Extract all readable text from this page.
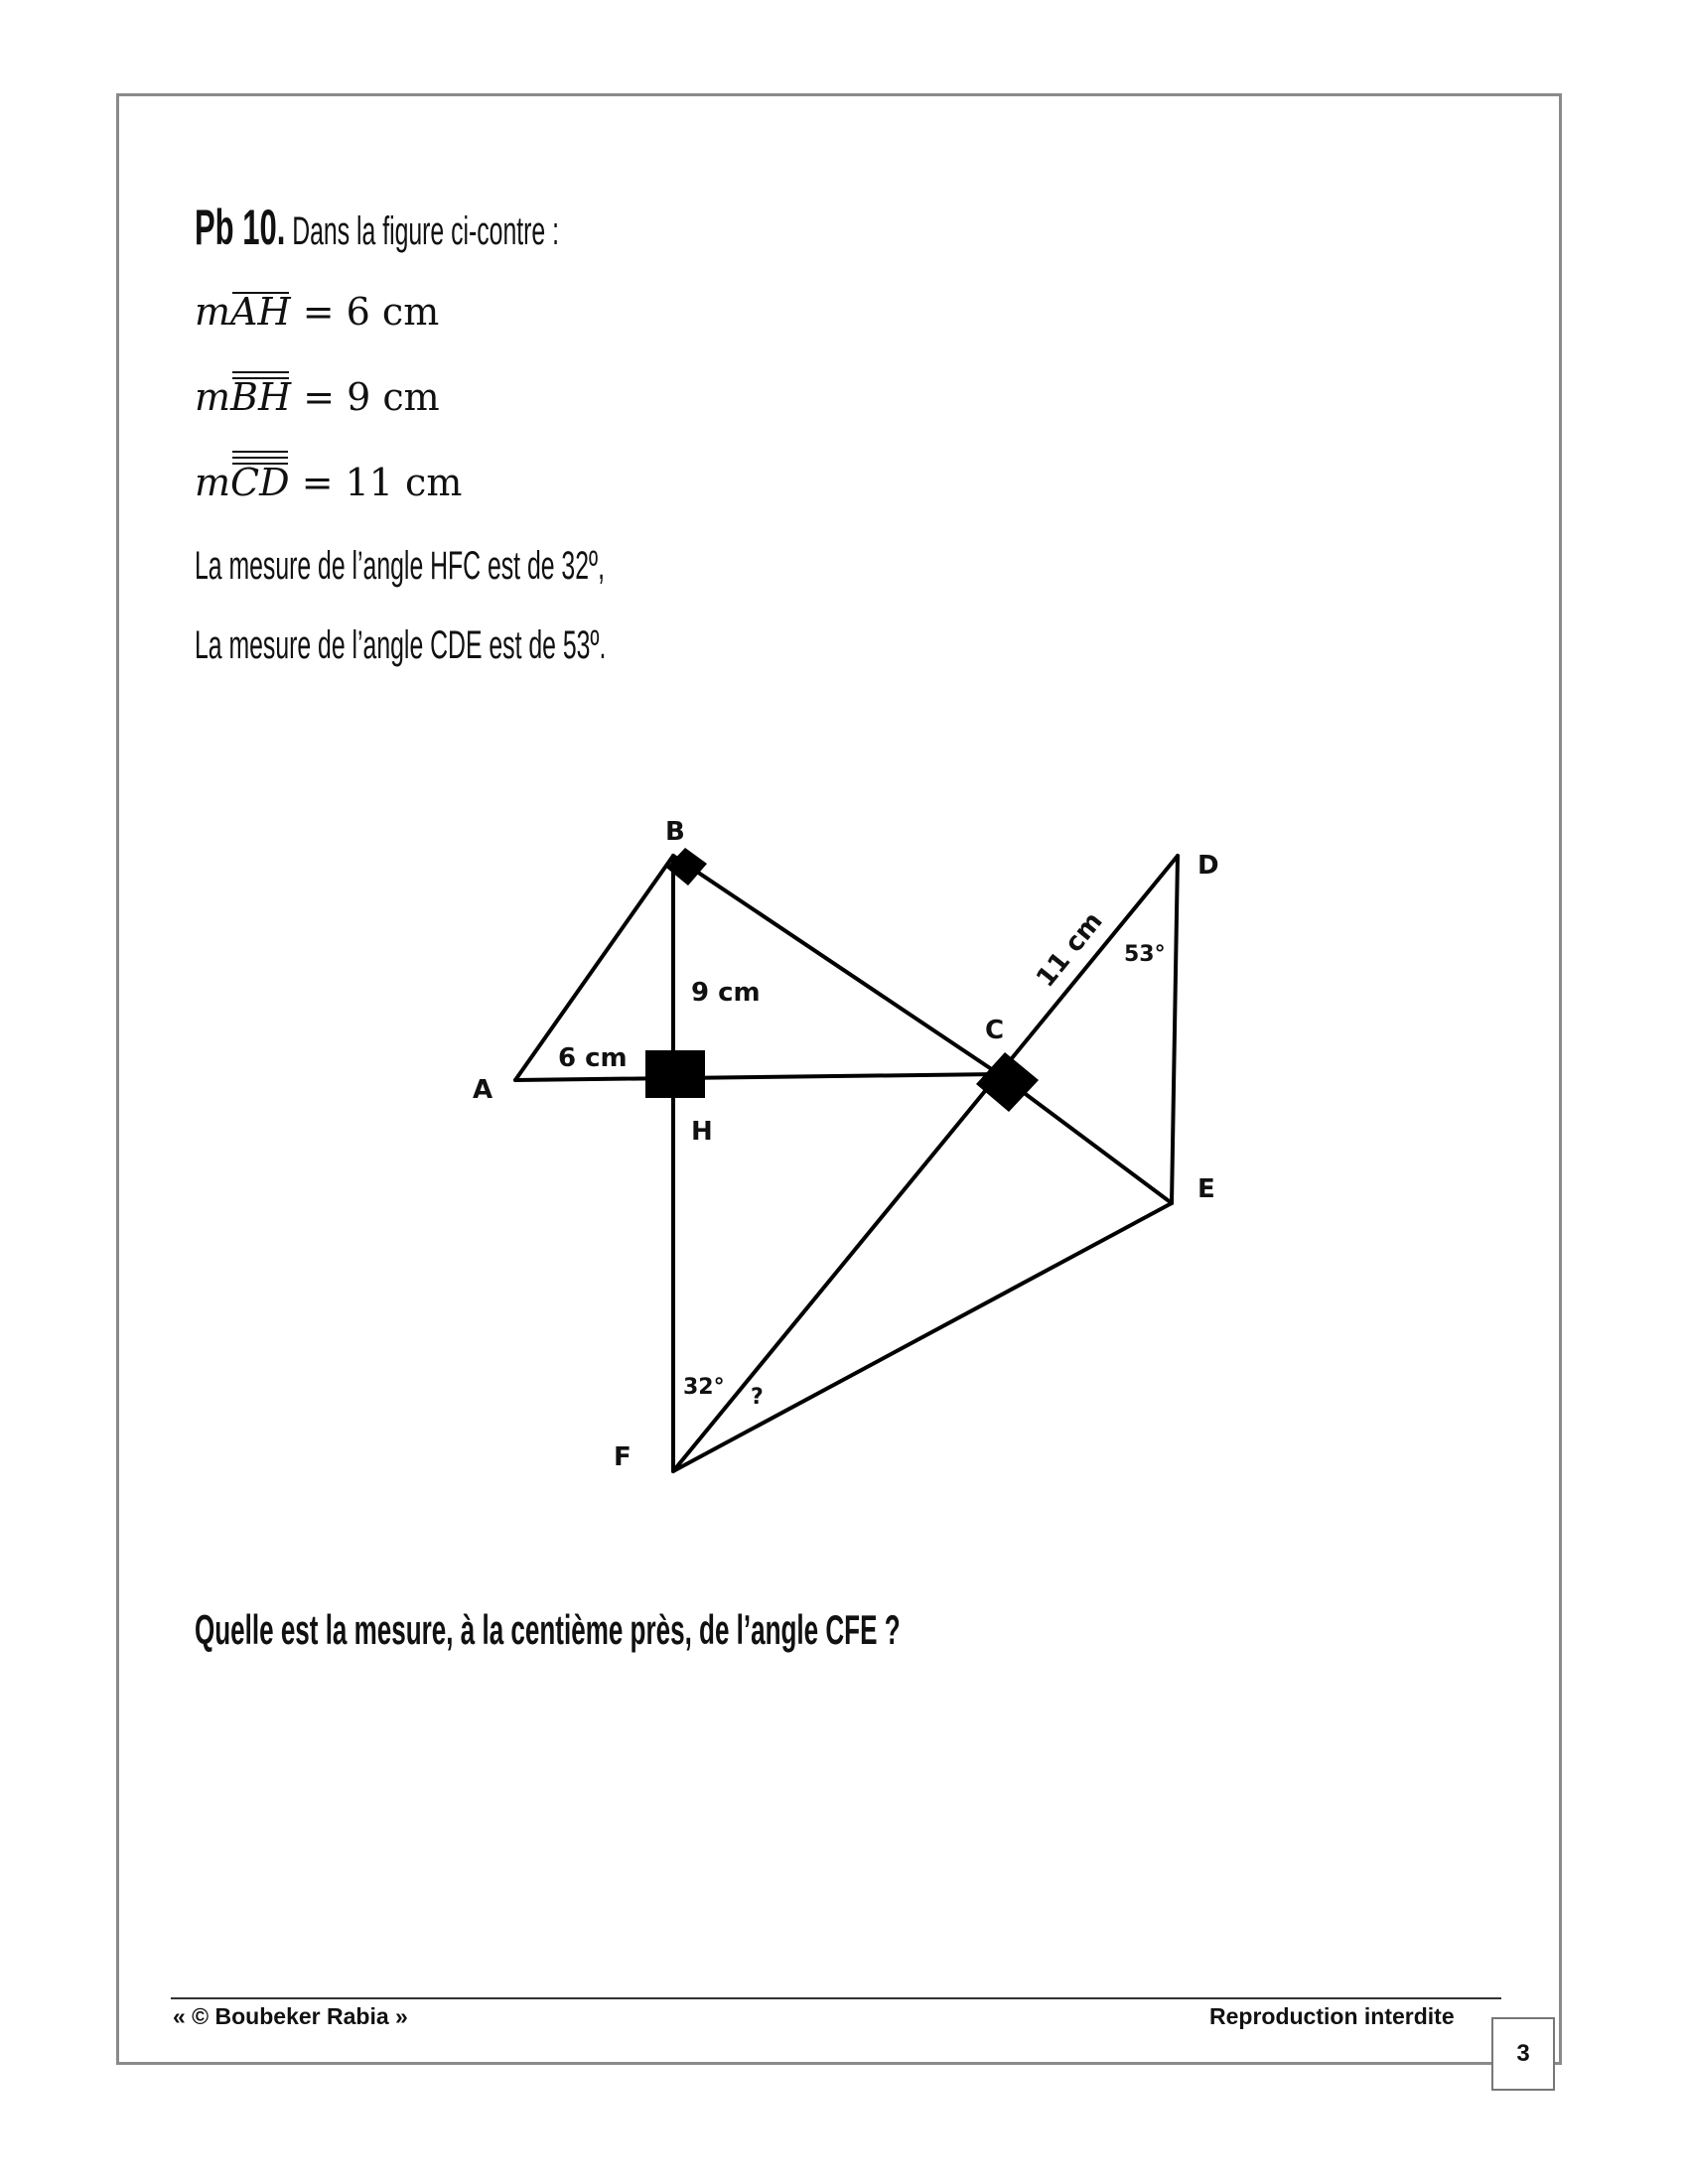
Pb 10. Dans la figure ci-contre :
mAH = 6 cm
mBH = 9 cm
m
CD = 11 cm
La mesure de l’angle HFC est de 32º,
La mesure de l’angle CDE est de 53º.
B
D
C
A
H
E
F
6 cm
9 cm
53°
32° ?
11 cm
Quelle est la mesure, à la centième près, de l’angle CFE ?
« © Boubeker Rabia »	Reproduction interdite
3
